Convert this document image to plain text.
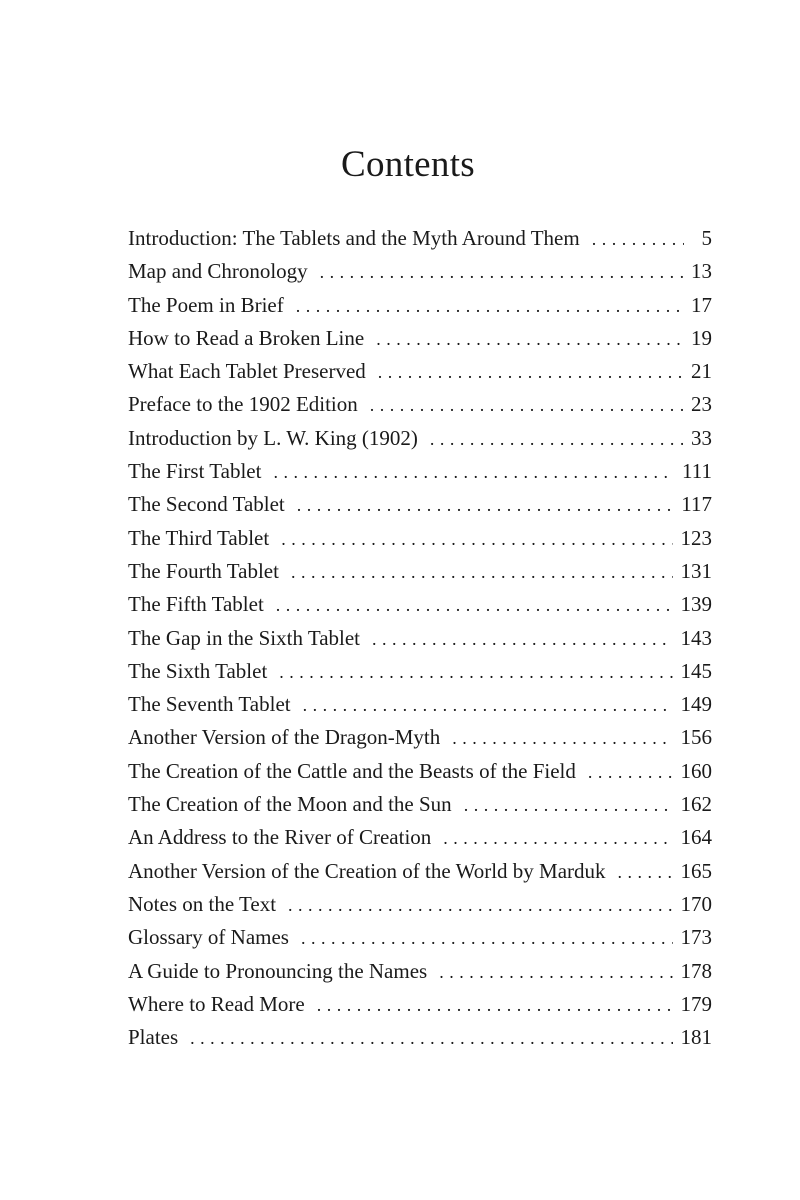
Contents
Introduction: The Tablets and the Myth Around Them . . .	5
Map and Chronology . . .	13
The Poem in Brief . . .	17
How to Read a Broken Line . . .	19
What Each Tablet Preserved . . .	21
Preface to the 1902 Edition . . .	23
Introduction by L. W. King (1902) . . .	33
The First Tablet . . .	111
The Second Tablet . . .	117
The Third Tablet . . .	123
The Fourth Tablet . . .	131
The Fifth Tablet . . .	139
The Gap in the Sixth Tablet . . .	143
The Sixth Tablet . . .	145
The Seventh Tablet . . .	149
Another Version of the Dragon-Myth . . .	156
The Creation of the Cattle and the Beasts of the Field . . .	160
The Creation of the Moon and the Sun . . .	162
An Address to the River of Creation . . .	164
Another Version of the Creation of the World by Marduk . . .	165
Notes on the Text . . .	170
Glossary of Names . . .	173
A Guide to Pronouncing the Names . . .	178
Where to Read More . . .	179
Plates . . .	181
